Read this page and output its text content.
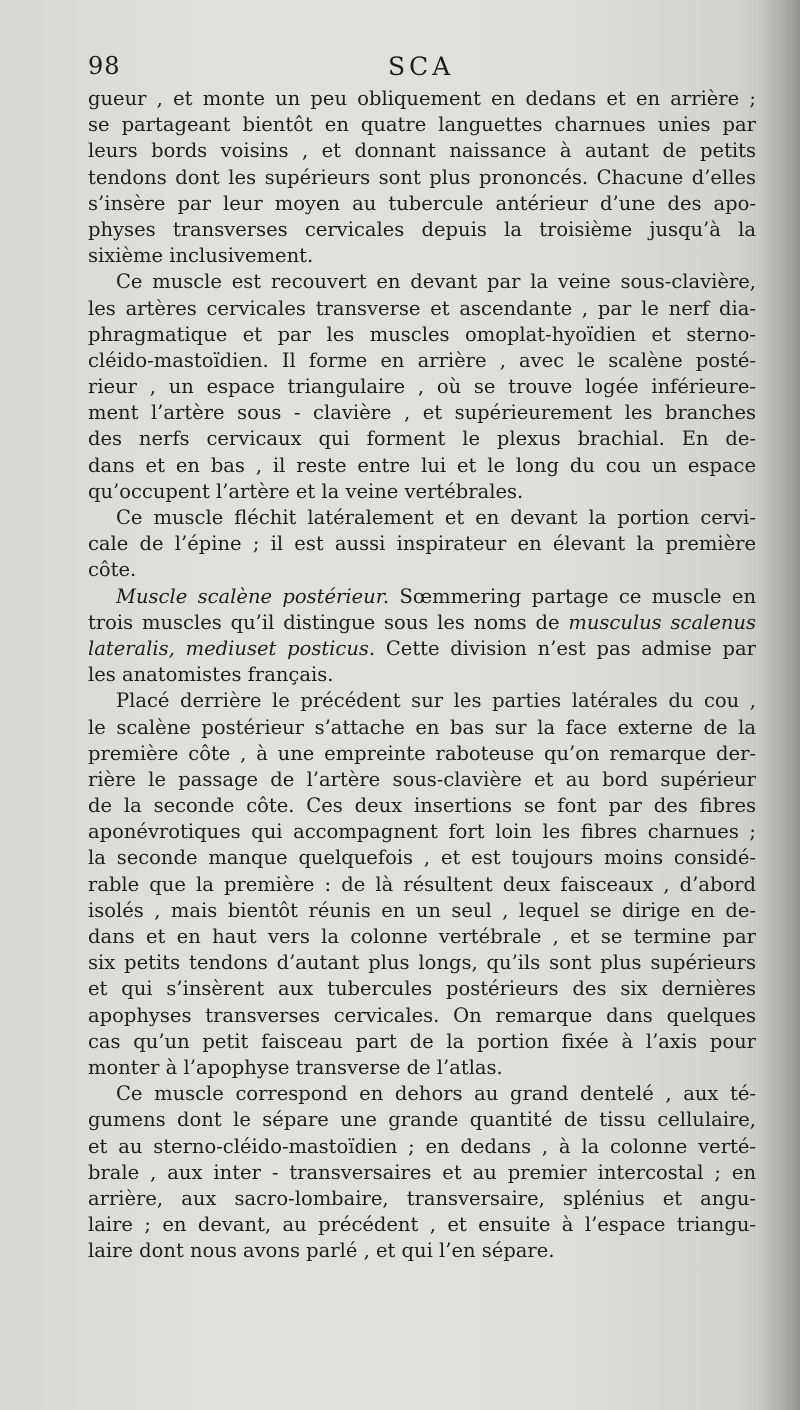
98	SCA
gueur , et monte un peu obliquement en dedans et en arrière ;
se partageant bientôt en quatre languettes charnues unies par
leurs bords voisins , et donnant naissance à autant de petits
tendons dont les supérieurs sont plus prononcés. Chacune d’elles
s’insère par leur moyen au tubercule antérieur d’une des apo-
physes transverses cervicales depuis la troisième jusqu’à la
sixième inclusivement.
Ce muscle est recouvert en devant par la veine sous-clavière,
les artères cervicales transverse et ascendante , par le nerf dia-
phragmatique et par les muscles omoplat-hyoïdien et sterno-
cléido-mastoïdien. Il forme en arrière , avec le scalène posté-
rieur , un espace triangulaire , où se trouve logée inférieure-
ment l’artère sous - clavière , et supérieurement les branches
des nerfs cervicaux qui forment le plexus brachial. En de-
dans et en bas , il reste entre lui et le long du cou un espace
qu’occupent l’artère et la veine vertébrales.
Ce muscle fléchit latéralement et en devant la portion cervi-
cale de l’épine ; il est aussi inspirateur en élevant la première
côte.
Muscle scalène postérieur. Sœmmering partage ce muscle en
trois muscles qu’il distingue sous les noms de musculus scalenus
lateralis, mediuset posticus. Cette division n’est pas admise par
les anatomistes français.
Placé derrière le précédent sur les parties latérales du cou ,
le scalène postérieur s’attache en bas sur la face externe de la
première côte , à une empreinte raboteuse qu’on remarque der-
rière le passage de l’artère sous-clavière et au bord supérieur
de la seconde côte. Ces deux insertions se font par des fibres
aponévrotiques qui accompagnent fort loin les fibres charnues ;
la seconde manque quelquefois , et est toujours moins considé-
rable que la première : de là résultent deux faisceaux , d’abord
isolés , mais bientôt réunis en un seul , lequel se dirige en de-
dans et en haut vers la colonne vertébrale , et se termine par
six petits tendons d’autant plus longs, qu’ils sont plus supérieurs
et qui s’insèrent aux tubercules postérieurs des six dernières
apophyses transverses cervicales. On remarque dans quelques
cas qu’un petit faisceau part de la portion fixée à l’axis pour
monter à l’apophyse transverse de l’atlas.
Ce muscle correspond en dehors au grand dentelé , aux té-
gumens dont le sépare une grande quantité de tissu cellulaire,
et au sterno-cléido-mastoïdien ; en dedans , à la colonne verté-
brale , aux inter - transversaires et au premier intercostal ; en
arrière, aux sacro-lombaire, transversaire, splénius et angu-
laire ; en devant, au précédent , et ensuite à l’espace triangu-
laire dont nous avons parlé , et qui l’en sépare.
